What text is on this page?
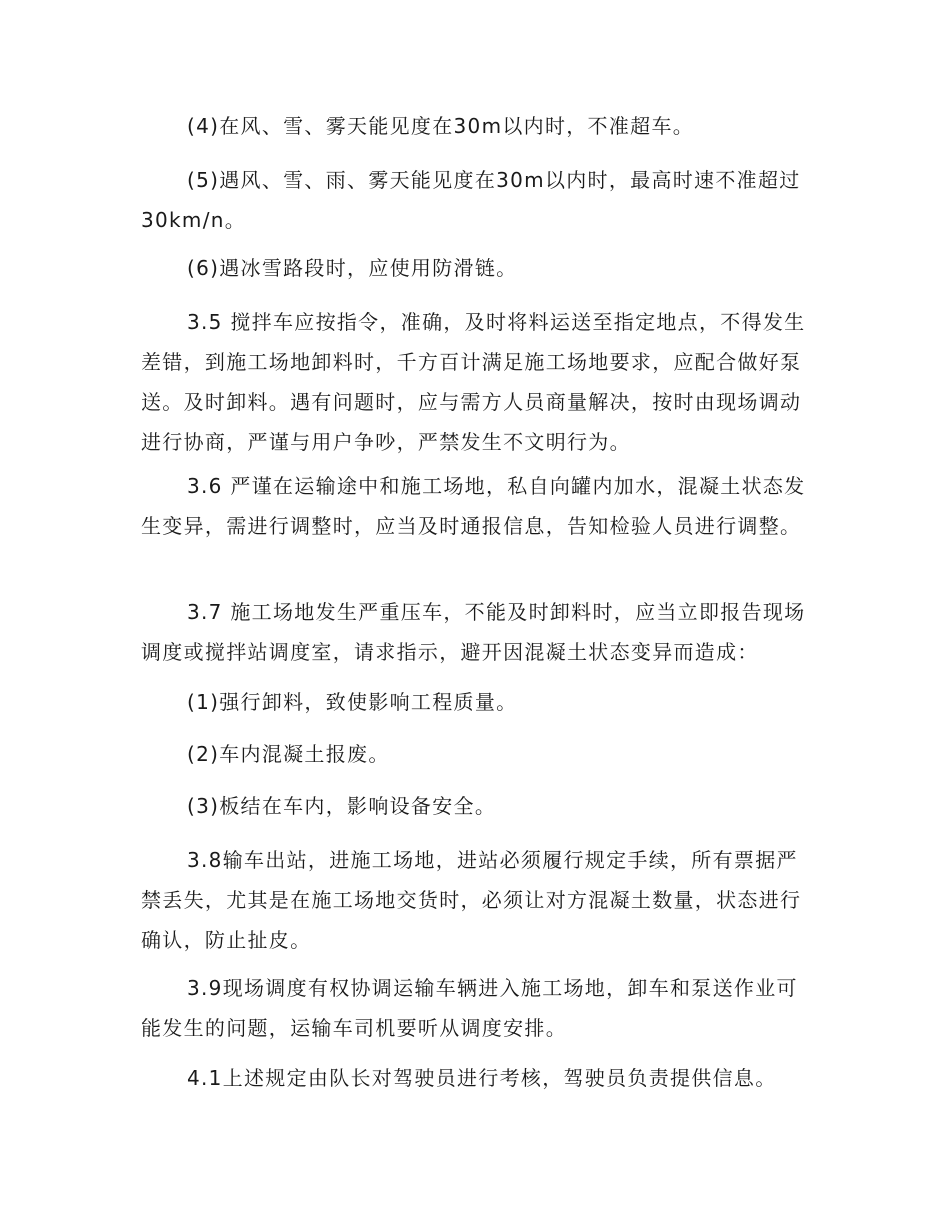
(4)在风、雪、雾天能见度在30m以内时，不准超车。

(5)遇风、雪、雨、雾天能见度在30m以内时，最高时速不准超过30km/n。

(6)遇冰雪路段时，应使用防滑链。

3.5 搅拌车应按指令，准确，及时将料运送至指定地点，不得发生差错，到施工场地卸料时，千方百计满足施工场地要求，应配合做好泵送。及时卸料。遇有问题时，应与需方人员商量解决，按时由现场调动进行协商，严谨与用户争吵，严禁发生不文明行为。

3.6 严谨在运输途中和施工场地，私自向罐内加水，混凝土状态发生变异，需进行调整时，应当及时通报信息，告知检验人员进行调整。

3.7 施工场地发生严重压车，不能及时卸料时，应当立即报告现场调度或搅拌站调度室，请求指示，避开因混凝土状态变异而造成：

(1)强行卸料，致使影响工程质量。

(2)车内混凝土报废。

(3)板结在车内，影响设备安全。

3.8输车出站，进施工场地，进站必须履行规定手续，所有票据严禁丢失，尤其是在施工场地交货时，必须让对方混凝土数量，状态进行确认，防止扯皮。

3.9现场调度有权协调运输车辆进入施工场地，卸车和泵送作业可能发生的问题，运输车司机要听从调度安排。

4.1上述规定由队长对驾驶员进行考核，驾驶员负责提供信息。
